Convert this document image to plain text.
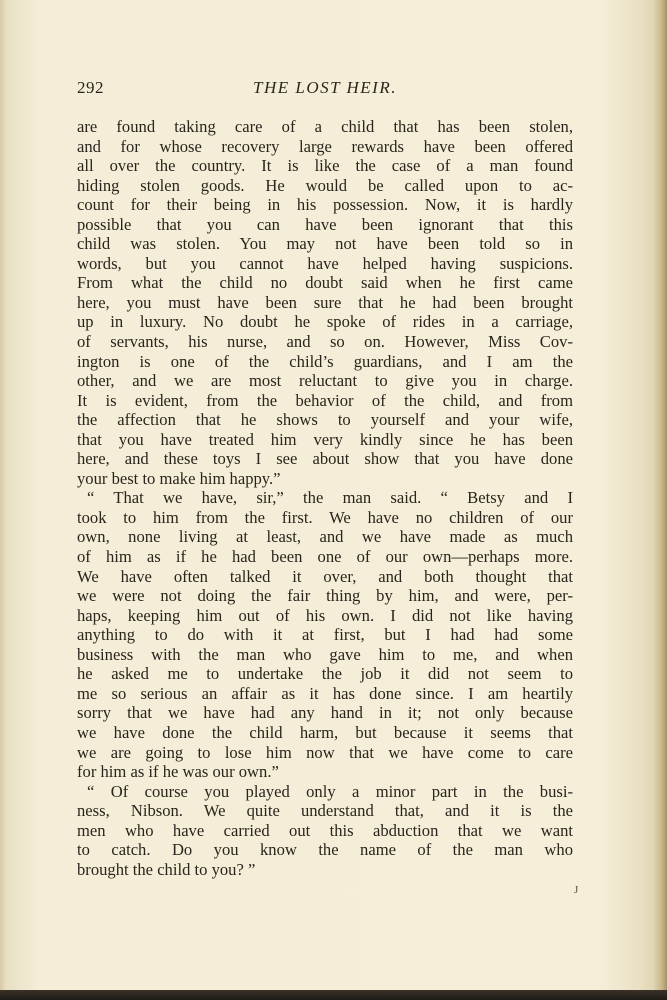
292	THE LOST HEIR.
are found taking care of a child that has been stolen,
and for whose recovery large rewards have been offered
all over the country. It is like the case of a man found
hiding stolen goods. He would be called upon to ac-
count for their being in his possession. Now, it is hardly
possible that you can have been ignorant that this
child was stolen. You may not have been told so in
words, but you cannot have helped having suspicions.
From what the child no doubt said when he first came
here, you must have been sure that he had been brought
up in luxury. No doubt he spoke of rides in a carriage,
of servants, his nurse, and so on. However, Miss Cov-
ington is one of the child’s guardians, and I am the
other, and we are most reluctant to give you in charge.
It is evident, from the behavior of the child, and from
the affection that he shows to yourself and your wife,
that you have treated him very kindly since he has been
here, and these toys I see about show that you have done
your best to make him happy.”
“ That we have, sir,” the man said. “ Betsy and I
took to him from the first. We have no children of our
own, none living at least, and we have made as much
of him as if he had been one of our own—perhaps more.
We have often talked it over, and both thought that
we were not doing the fair thing by him, and were, per-
haps, keeping him out of his own. I did not like having
anything to do with it at first, but I had had some
business with the man who gave him to me, and when
he asked me to undertake the job it did not seem to
me so serious an affair as it has done since. I am heartily
sorry that we have had any hand in it; not only because
we have done the child harm, but because it seems that
we are going to lose him now that we have come to care
for him as if he was our own.”
“ Of course you played only a minor part in the busi-
ness, Nibson. We quite understand that, and it is the
men who have carried out this abduction that we want
to catch. Do you know the name of the man who
brought the child to you? ”
J
